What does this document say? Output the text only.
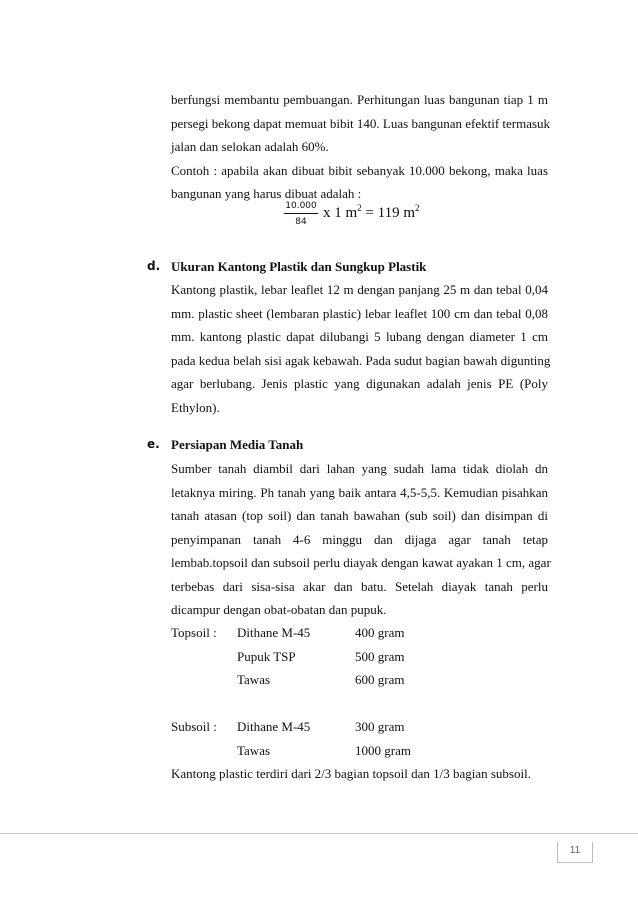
berfungsi membantu pembuangan. Perhitungan luas bangunan tiap 1 m
persegi bekong dapat memuat bibit 140. Luas bangunan efektif termasuk
jalan dan selokan adalah 60%.
Contoh : apabila akan dibuat bibit sebanyak 10.000 bekong, maka luas
bangunan yang harus dibuat adalah :
$\frac{10.000}{84}$ x 1 $m^2 = 119$ $m^2$
d. Ukuran Kantong Plastik dan Sungkup Plastik
Kantong plastik, lebar leaflet 12 m dengan panjang 25 m dan tebal 0,04
mm. plastic sheet (lembaran plastic) lebar leaflet 100 cm dan tebal 0,08
mm. kantong plastic dapat dilubangi 5 lubang dengan diameter 1 cm
pada kedua belah sisi agak kebawah. Pada sudut bagian bawah digunting
agar berlubang. Jenis plastic yang digunakan adalah jenis PE (Poly
Ethylon).
e. Persiapan Media Tanah
Sumber tanah diambil dari lahan yang sudah lama tidak diolah dn
letaknya miring. Ph tanah yang baik antara 4,5-5,5. Kemudian pisahkan
tanah atasan (top soil) dan tanah bawahan (sub soil) dan disimpan di
penyimpanan tanah 4-6 minggu dan dijaga agar tanah tetap
lembab.topsoil dan subsoil perlu diayak dengan kawat ayakan 1 cm, agar
terbebas dari sisa-sisa akar dan batu. Setelah diayak tanah perlu
dicampur dengan obat-obatan dan pupuk.
Topsoil : Dithane M-45	400 gram
Pupuk TSP	500 gram
Tawas	600 gram
Subsoil : Dithane M-45	300 gram
Tawas	1000 gram
Kantong plastic terdiri dari 2/3 bagian topsoil dan 1/3 bagian subsoil.
11
